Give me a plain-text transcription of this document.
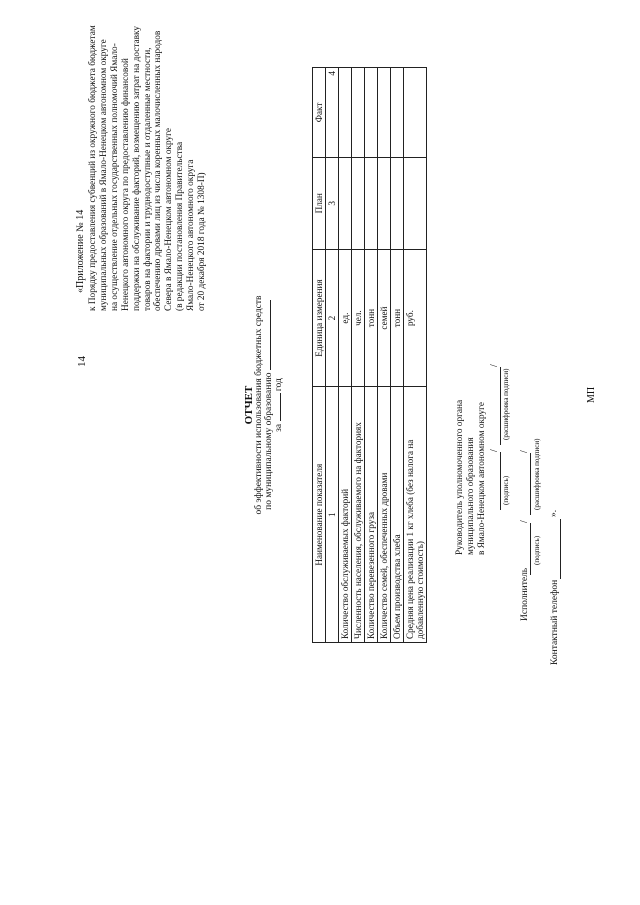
14
«Приложение № 14 к Порядку предоставления субвенций из окружного бюджета бюджетам
муниципальных образований в Ямало-Ненецком автономном округе
на осуществление отдельных государственных полномочий Ямало-
Ненецкого автономного округа по предоставлению финансовой
поддержки на обслуживание факторий, возмещению затрат на доставку
товаров на фактории и труднодоступные и отдаленные местности,
обеспечению дровами лиц из числа коренных малочисленных народов
Севера в Ямало-Ненецком автономном округе
(в редакции постановления Правительства
Ямало-Ненецкого автономного округа
от 20 декабря 2018 года № 1308-П)
ОТЧЕТ об эффективности использования бюджетных средств по муниципальному образованию за  год
Наименование показателя	Единица измерения	План	Факт
1	2	3	4
Количество обслуживаемых факторий	ед.		
Численность населения, обслуживаемого на факториях	чел.		
Количество перевезенного груза	тонн		
Количество семей, обеспеченных дровами	семей		
Объем производства хлеба	тонн		
Средняя цена реализации 1 кг хлеба (без налога на добавленную стоимость)	руб.		
Руководитель уполномоченного органа муниципального образования в Ямало-Ненецком автономном округе /
/
(подпись)
(расшифровка подписи)	МП
Исполнитель
/
/
(подпись)
(расшифровка подписи)
Контактный телефон
».
